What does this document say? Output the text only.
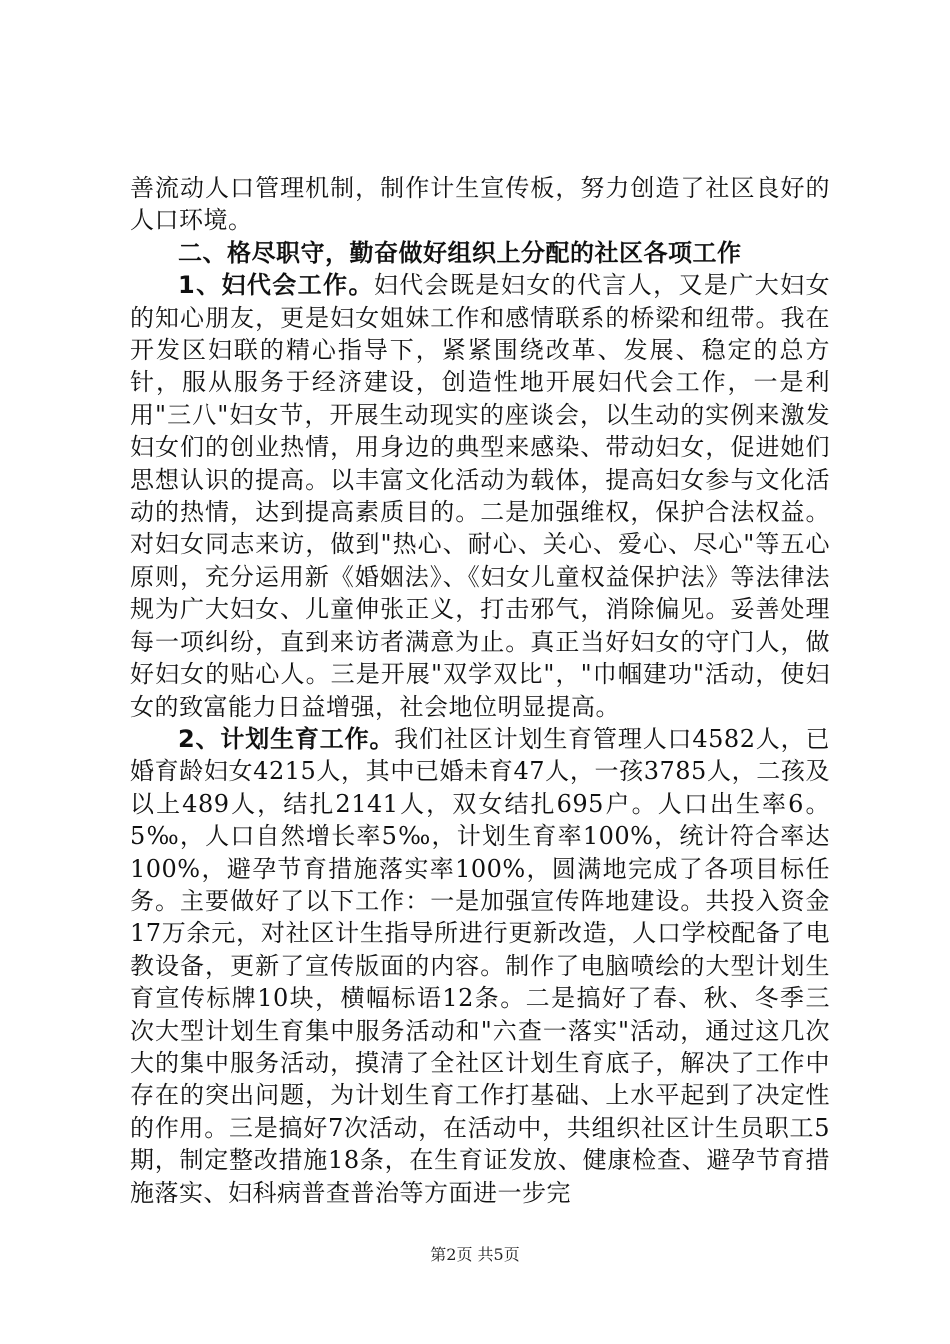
善流动人口管理机制，制作计生宣传板，努力创造了社区良好的人口环境。

二、格尽职守，勤奋做好组织上分配的社区各项工作

1、妇代会工作。妇代会既是妇女的代言人，又是广大妇女的知心朋友，更是妇女姐妹工作和感情联系的桥梁和纽带。我在开发区妇联的精心指导下，紧紧围绕改革、发展、稳定的总方针，服从服务于经济建设，创造性地开展妇代会工作，一是利用"三八"妇女节，开展生动现实的座谈会，以生动的实例来激发妇女们的创业热情，用身边的典型来感染、带动妇女，促进她们思想认识的提高。以丰富文化活动为载体，提高妇女参与文化活动的热情，达到提高素质目的。二是加强维权，保护合法权益。对妇女同志来访，做到"热心、耐心、关心、爱心、尽心"等五心原则，充分运用新《婚姻法》、《妇女儿童权益保护法》等法律法规为广大妇女、儿童伸张正义，打击邪气，消除偏见。妥善处理每一项纠纷，直到来访者满意为止。真正当好妇女的守门人，做好妇女的贴心人。三是开展"双学双比"，"巾帼建功"活动，使妇女的致富能力日益增强，社会地位明显提高。

2、计划生育工作。我们社区计划生育管理人口4582人，已婚育龄妇女4215人，其中已婚未育47人，一孩3785人，二孩及以上489人，结扎2141人，双女结扎695户。人口出生率6。5‰，人口自然增长率5‰，计划生育率100%，统计符合率达100%，避孕节育措施落实率100%，圆满地完成了各项目标任务。主要做好了以下工作：一是加强宣传阵地建设。共投入资金17万余元，对社区计生指导所进行更新改造，人口学校配备了电教设备，更新了宣传版面的内容。制作了电脑喷绘的大型计划生育宣传标牌10块，横幅标语12条。二是搞好了春、秋、冬季三次大型计划生育集中服务活动和"六查一落实"活动，通过这几次大的集中服务活动，摸清了全社区计划生育底子，解决了工作中存在的突出问题，为计划生育工作打基础、上水平起到了决定性的作用。三是搞好7次活动，在活动中，共组织社区计生员职工5期，制定整改措施18条，在生育证发放、健康检查、避孕节育措施落实、妇科病普查普治等方面进一步完

第2页 共5页
